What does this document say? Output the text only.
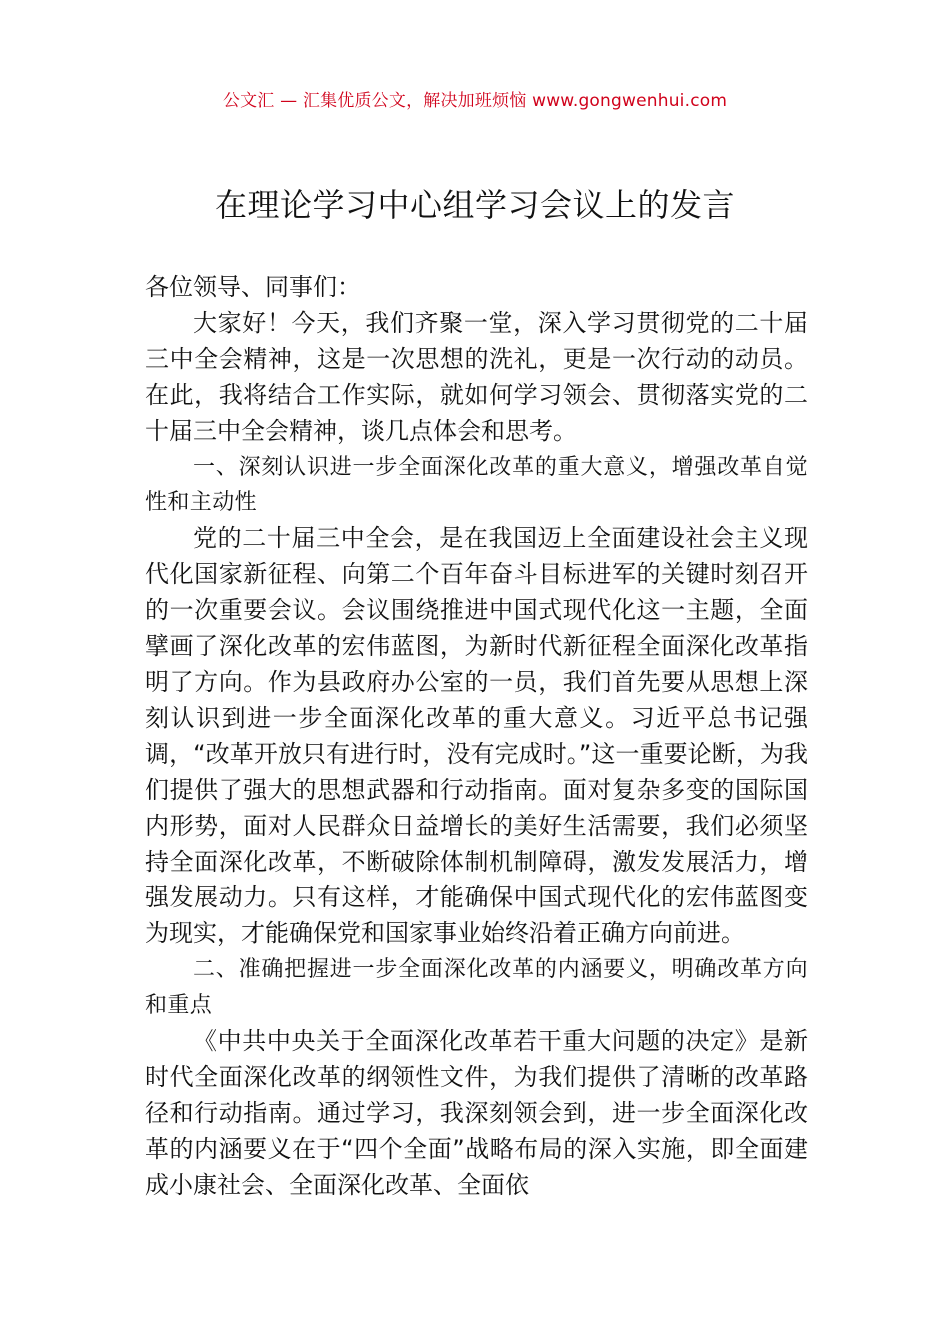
公文汇 — 汇集优质公文，解决加班烦恼 www.gongwenhui.com
在理论学习中心组学习会议上的发言

各位领导、同事们：

大家好！今天，我们齐聚一堂，深入学习贯彻党的二十届三中全会精神，这是一次思想的洗礼，更是一次行动的动员。在此，我将结合工作实际，就如何学习领会、贯彻落实党的二十届三中全会精神，谈几点体会和思考。

一、深刻认识进一步全面深化改革的重大意义，增强改革自觉性和主动性

党的二十届三中全会，是在我国迈上全面建设社会主义现代化国家新征程、向第二个百年奋斗目标进军的关键时刻召开的一次重要会议。会议围绕推进中国式现代化这一主题，全面擘画了深化改革的宏伟蓝图，为新时代新征程全面深化改革指明了方向。作为县政府办公室的一员，我们首先要从思想上深刻认识到进一步全面深化改革的重大意义。习近平总书记强调，“改革开放只有进行时，没有完成时。”这一重要论断，为我们提供了强大的思想武器和行动指南。面对复杂多变的国际国内形势，面对人民群众日益增长的美好生活需要，我们必须坚持全面深化改革，不断破除体制机制障碍，激发发展活力，增强发展动力。只有这样，才能确保中国式现代化的宏伟蓝图变为现实，才能确保党和国家事业始终沿着正确方向前进。

二、准确把握进一步全面深化改革的内涵要义，明确改革方向和重点

《中共中央关于全面深化改革若干重大问题的决定》是新时代全面深化改革的纲领性文件，为我们提供了清晰的改革路径和行动指南。通过学习，我深刻领会到，进一步全面深化改革的内涵要义在于“四个全面”战略布局的深入实施，即全面建成小康社会、全面深化改革、全面依
